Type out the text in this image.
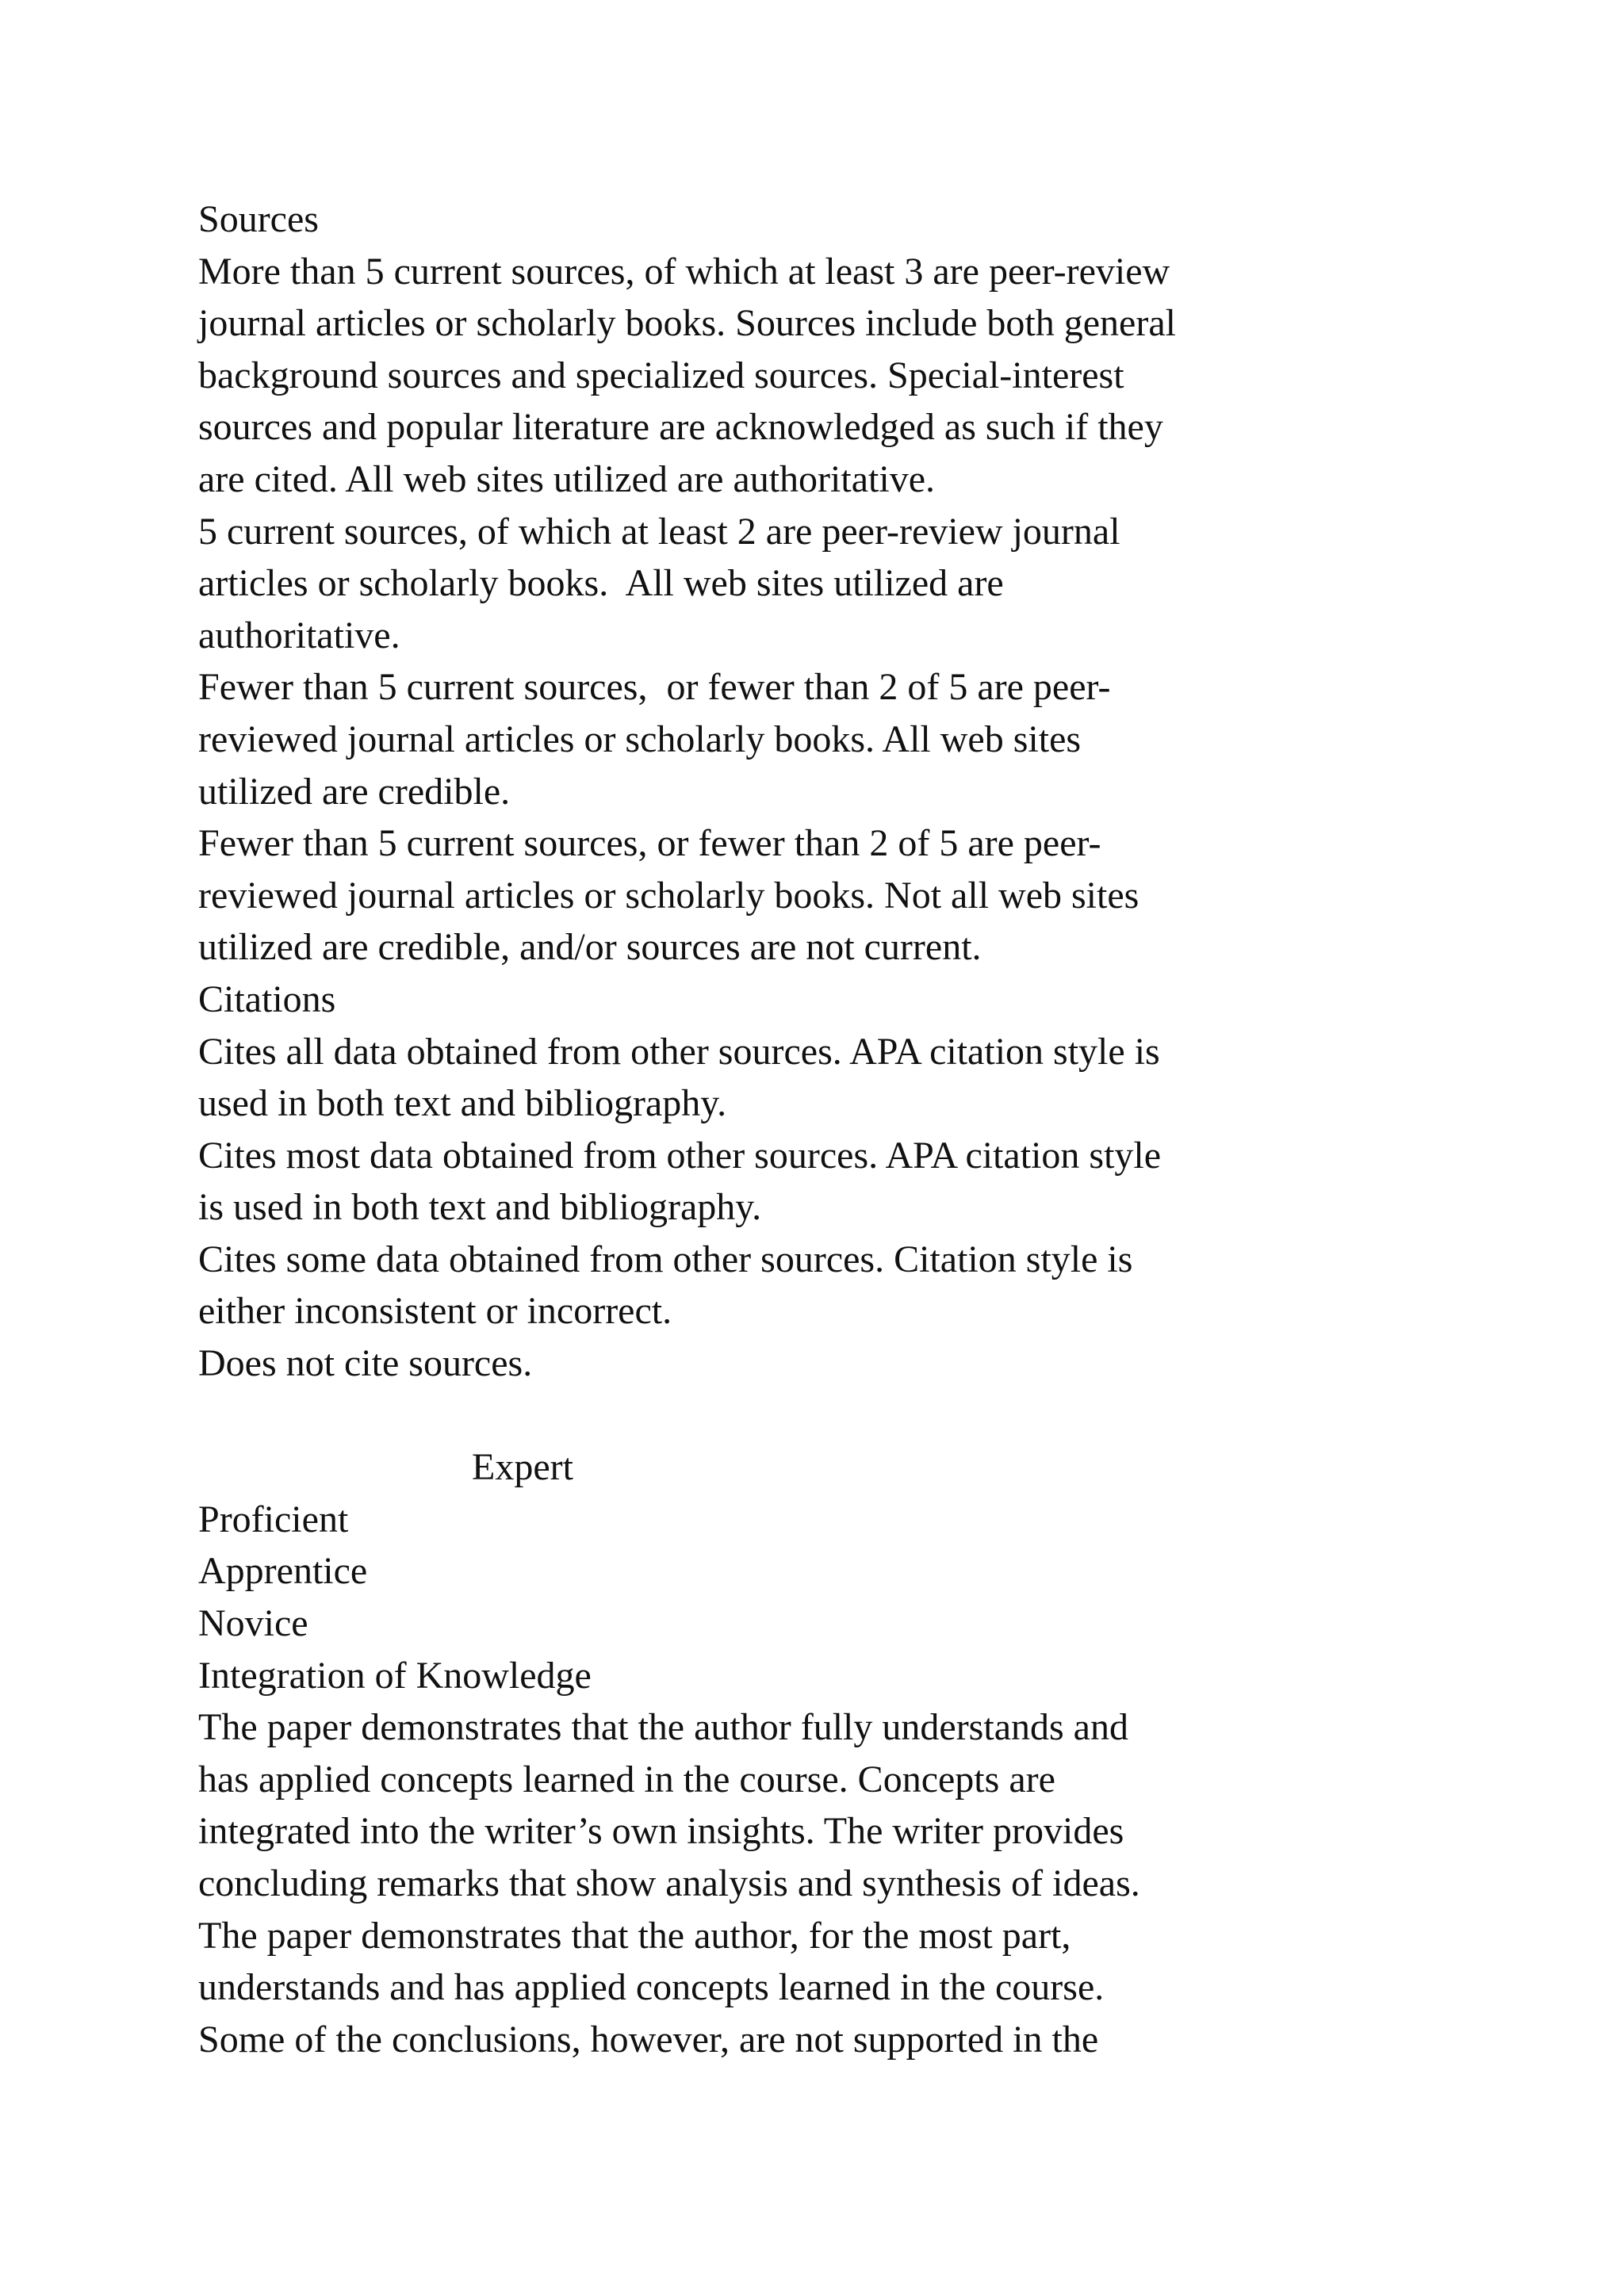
Sources
More than 5 current sources, of which at least 3 are peer-review
journal articles or scholarly books. Sources include both general
background sources and specialized sources. Special-interest
sources and popular literature are acknowledged as such if they
are cited. All web sites utilized are authoritative.
5 current sources, of which at least 2 are peer-review journal
articles or scholarly books.  All web sites utilized are
authoritative.
Fewer than 5 current sources,  or fewer than 2 of 5 are peer-
reviewed journal articles or scholarly books. All web sites
utilized are credible.
Fewer than 5 current sources, or fewer than 2 of 5 are peer-
reviewed journal articles or scholarly books. Not all web sites
utilized are credible, and/or sources are not current.
Citations
Cites all data obtained from other sources. APA citation style is
used in both text and bibliography.
Cites most data obtained from other sources. APA citation style
is used in both text and bibliography.
Cites some data obtained from other sources. Citation style is
either inconsistent or incorrect.
Does not cite sources.
Expert
Proficient
Apprentice
Novice
Integration of Knowledge
The paper demonstrates that the author fully understands and
has applied concepts learned in the course. Concepts are
integrated into the writer’s own insights. The writer provides
concluding remarks that show analysis and synthesis of ideas.
The paper demonstrates that the author, for the most part,
understands and has applied concepts learned in the course.
Some of the conclusions, however, are not supported in the
